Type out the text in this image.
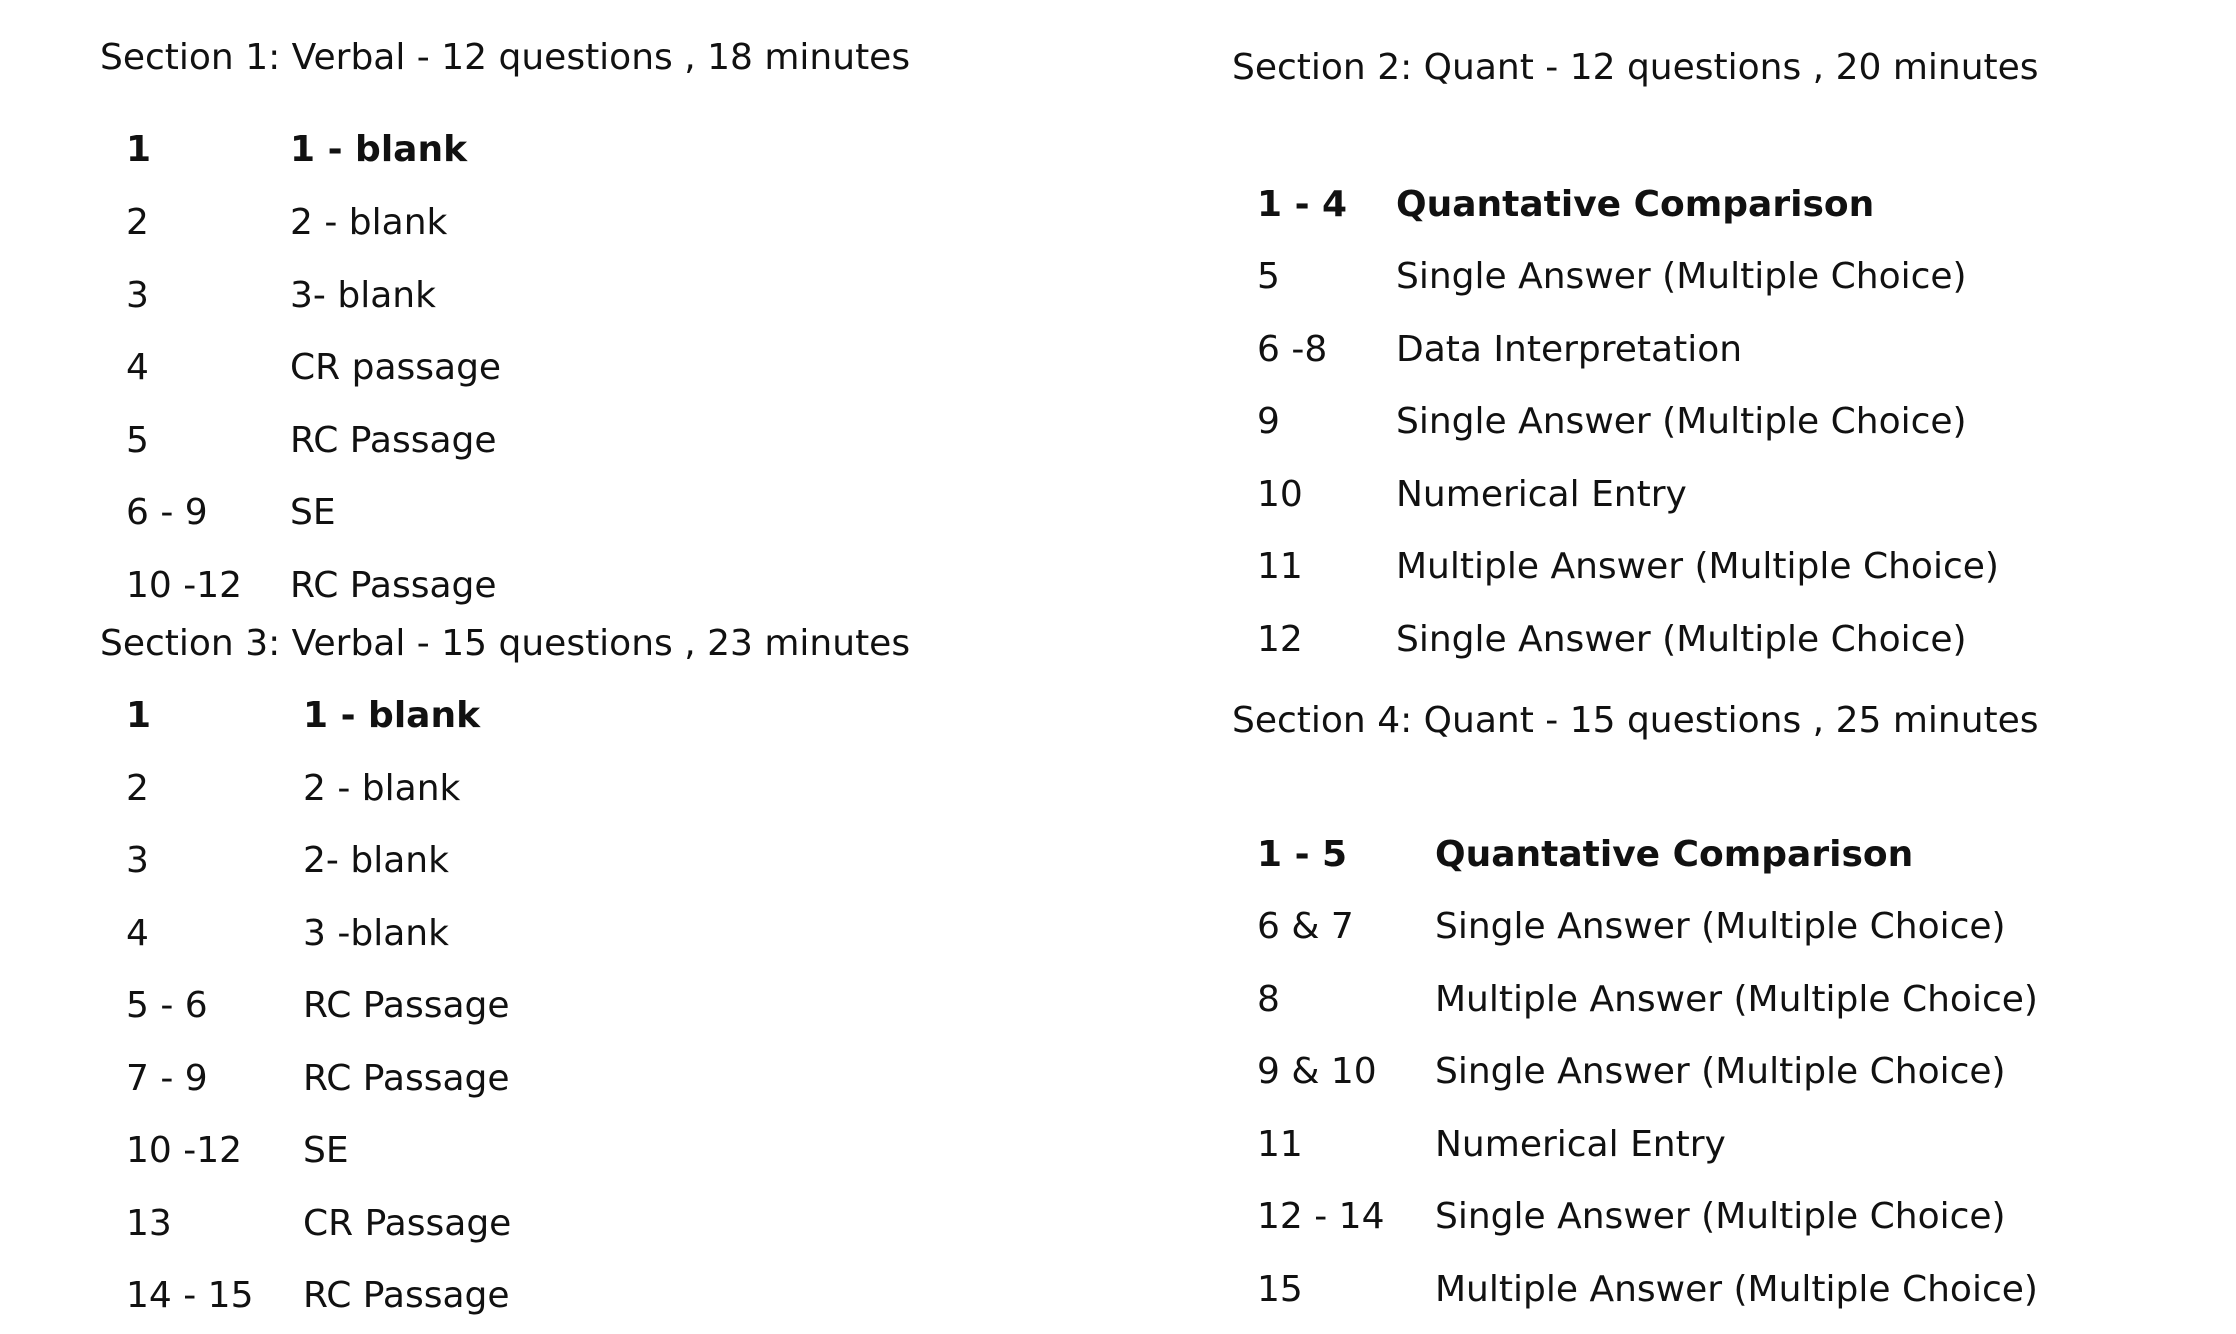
Section 1: Verbal - 12 questions , 18 minutes
1	1 - blank
2	2 - blank
3	3- blank
4	CR passage
5	RC Passage
6 - 9 SE
10 -12 RC Passage
Section 3: Verbal - 15 questions , 23 minutes
1	1 - blank
2	2 - blank
3	2- blank
4	3 -blank
5 - 6	RC Passage
7 - 9	RC Passage
10 -12 SE
13	CR Passage
14 - 15 RC Passage
Section 2: Quant - 12 questions , 20 minutes
1 - 4 Quantative Comparison
5	Single Answer (Multiple Choice)
6 -8 Data Interpretation
9	Single Answer (Multiple Choice)
10	Numerical Entry
11	Multiple Answer (Multiple Choice)
12	Single Answer (Multiple Choice)
Section 4: Quant - 15 questions , 25 minutes
1 - 5 Quantative Comparison
6 & 7 Single Answer (Multiple Choice)
8	Multiple Answer (Multiple Choice)
9 & 10 Single Answer (Multiple Choice)
11	Numerical Entry
12 - 14 Single Answer (Multiple Choice)
15	Multiple Answer (Multiple Choice)
